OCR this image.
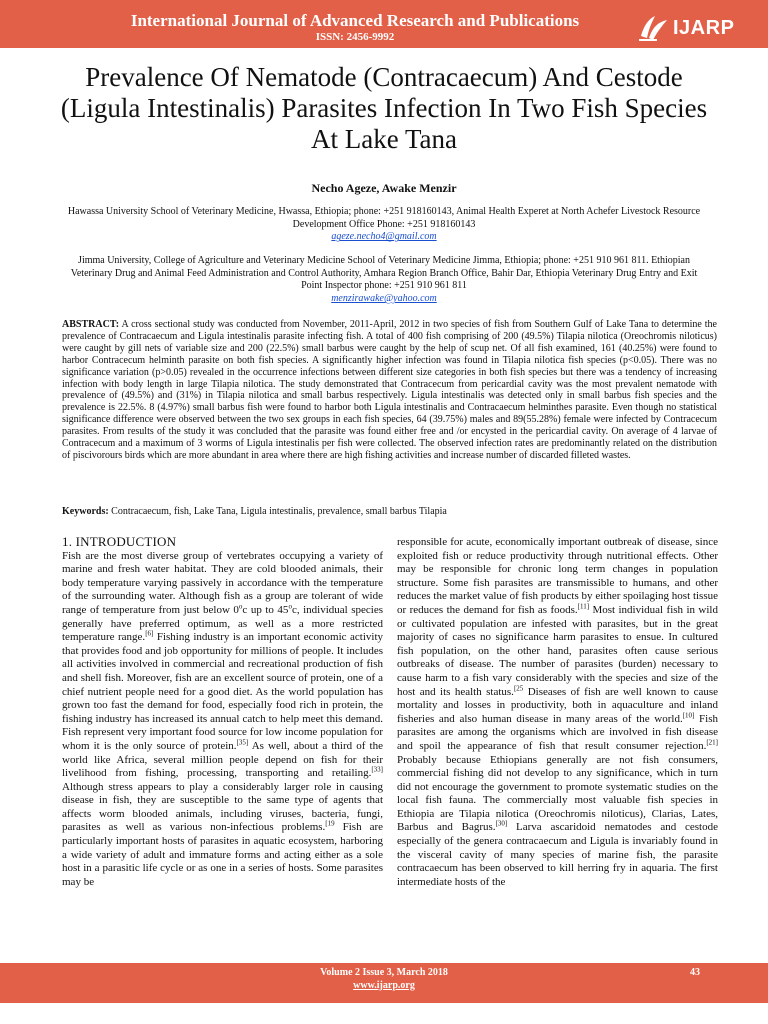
International Journal of Advanced Research and Publications
ISSN: 2456-9992	IJARP
Prevalence Of Nematode (Contracaecum) And Cestode (Ligula Intestinalis) Parasites Infection In Two Fish Species At Lake Tana
Necho Ageze, Awake Menzir
Hawassa University School of Veterinary Medicine, Hwassa, Ethiopia; phone: +251 918160143, Animal Health Experet at North Achefer Livestock Resource Development Office Phone: +251 918160143
ageze.necho4@gmail.com
Jimma University, College of Agriculture and Veterinary Medicine School of Veterinary Medicine Jimma, Ethiopia; phone: +251 910 961 811. Ethiopian Veterinary Drug and Animal Feed Administration and Control Authority, Amhara Region Branch Office, Bahir Dar, Ethiopia Veterinary Drug Entry and Exit Point Inspector phone: +251 910 961 811
menzirawake@yahoo.com
ABSTRACT: A cross sectional study was conducted from November, 2011-April, 2012 in two species of fish from Southern Gulf of Lake Tana to determine the prevalence of Contracaecum and Ligula intestinalis parasite infecting fish. A total of 400 fish comprising of 200 (49.5%) Tilapia nilotica (Oreochromis niloticus) were caught by gill nets of variable size and 200 (22.5%) small barbus were caught by the help of scup net. Of all fish examined, 161 (40.25%) were found to harbor Contracecum helminth parasite on both fish species. A significantly higher infection was found in Tilapia nilotica fish species (p<0.05). There was no significance variation (p>0.05) revealed in the occurrence infections between different size categories in both fish species but there was a tendency of increasing infection with body length in large Tilapia nilotica. The study demonstrated that Contracecum from pericardial cavity was the most prevalent nematode with prevalence of (49.5%) and (31%) in Tilapia nilotica and small barbus respectively. Ligula intestinalis was detected only in small barbus fish species and the prevalence is 22.5%. 8 (4.97%) small barbus fish were found to harbor both Ligula intestinalis and Contracaecum helminthes parasite. Even though no statistical significance difference were observed between the two sex groups in each fish species, 64 (39.75%) males and 89(55.28%) female were infected by Contracecum parasites. From results of the study it was concluded that the parasite was found either free and /or encysted in the pericardial cavity. On average of 4 larvae of Contracecum and a maximum of 3 worms of Ligula intestinalis per fish were collected. The observed infection rates are predominantly related on the distribution of piscivorours birds which are more abundant in area where there are high fishing activities and increase number of discarded filleted wastes.
Keywords: Contracaecum, fish, Lake Tana, Ligula intestinalis, prevalence, small barbus Tilapia
1. INTRODUCTION

Fish are the most diverse group of vertebrates occupying a variety of marine and fresh water habitat. They are cold blooded animals, their body temperature varying passively in accordance with the temperature of the surrounding water. Although fish as a group are tolerant of wide range of temperature from just below 0$^o$c up to 45$^o$c, individual species generally have preferred optimum, as well as a more restricted temperature range.[6] Fishing industry is an important economic activity that provides food and job opportunity for millions of people. It includes all activities involved in commercial and recreational production of fish and shell fish. Moreover, fish are an excellent source of protein, one of a chief nutrient people need for a good diet. As the world population has grown too fast the demand for food, especially food rich in protein, the fishing industry has increased its annual catch to help meet this demand. Fish represent very important food source for low income population for whom it is the only source of protein.[35] As well, about a third of the world like Africa, several million people depend on fish for their livelihood from fishing, processing, transporting and retailing.[33] Although stress appears to play a considerably larger role in causing disease in fish, they are susceptible to the same type of agents that affects worm blooded animals, including viruses, bacteria, fungi, parasites as well as various non-infectious problems.$^{[19}$ Fish are particularly important hosts of parasites in aquatic ecosystem, harboring a wide variety of adult and immature forms and acting either as a sole host in a parasitic life cycle or as one in a series of hosts. Some parasites may be

responsible for acute, economically important outbreak of disease, since exploited fish or reduce productivity through nutritional effects. Other may be responsible for chronic long term changes in population structure. Some fish parasites are transmissible to humans, and other reduces the market value of fish products by either spoilaging host tissue or reduces the demand for fish as foods.[11] Most individual fish in wild or cultivated population are infested with parasites, but in the great majority of cases no significance harm parasites to ensue. In cultured fish population, on the other hand, parasites often cause serious outbreaks of disease. The number of parasites (burden) necessary to cause harm to a fish vary considerably with the species and size of the host and its health status.$^{[25}$ Diseases of fish are well known to cause mortality and losses in productivity, both in aquaculture and inland fisheries and also human disease in many areas of the world.[10] Fish parasites are among the organisms which are involved in fish disease and spoil the appearance of fish that result consumer rejection.[21] Probably because Ethiopians generally are not fish consumers, commercial fishing did not develop to any significance, which in turn did not encourage the government to promote systematic studies on the local fish fauna. The commercially most valuable fish species in Ethiopia are Tilapia nilotica (Oreochromis niloticus), Clarias, Lates, Barbus and Bagrus.[30] Larva ascaridoid nematodes and cestode especially of the genera contracaecum and Ligula is invariably found in the visceral cavity of many species of marine fish, the parasite contracaecum has been observed to kill herring fry in aquaria. The first intermediate hosts of the

Volume 2 Issue 3, March 2018	43
www.ijarp.org
